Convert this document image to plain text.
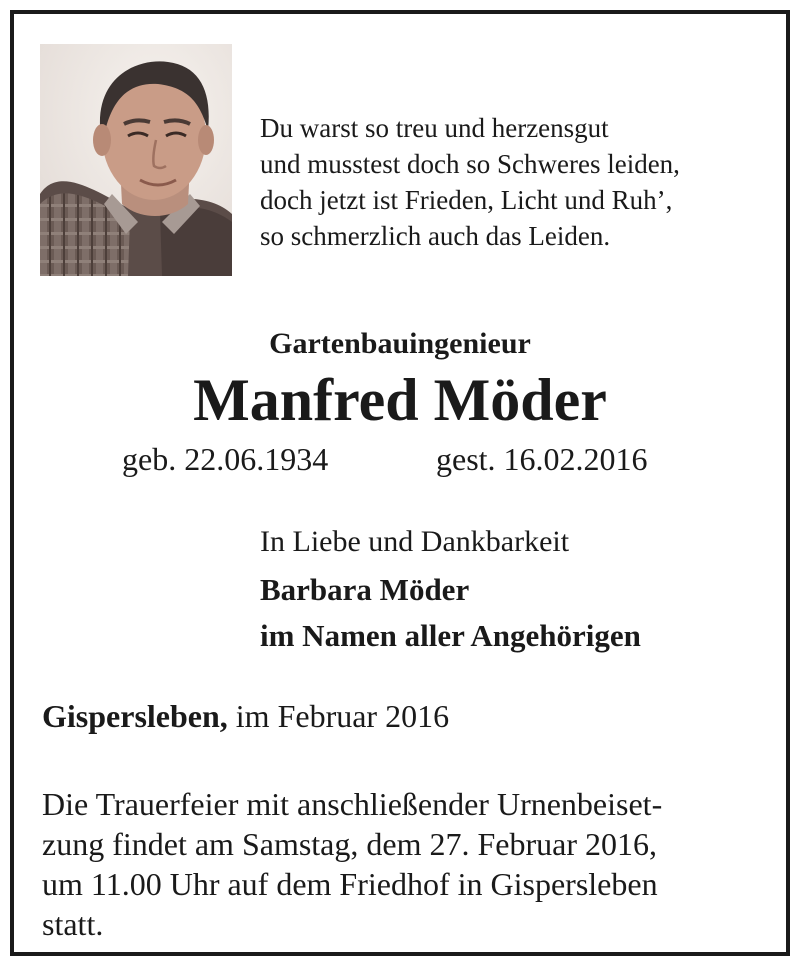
Du warst so treu und herzensgut
und musstest doch so Schweres leiden,
doch jetzt ist Frieden, Licht und Ruh’,
so schmerzlich auch das Leiden.
Gartenbauingenieur
Manfred Möder
geb. 22.06.1934	gest. 16.02.2016
In Liebe und Dankbarkeit
Barbara Möder
im Namen aller Angehörigen
Gispersleben, im Februar 2016
Die Trauerfeier mit anschließender Urnenbeiset-
zung findet am Samstag, dem 27. Februar 2016,
um 11.00 Uhr auf dem Friedhof in Gispersleben
statt.
